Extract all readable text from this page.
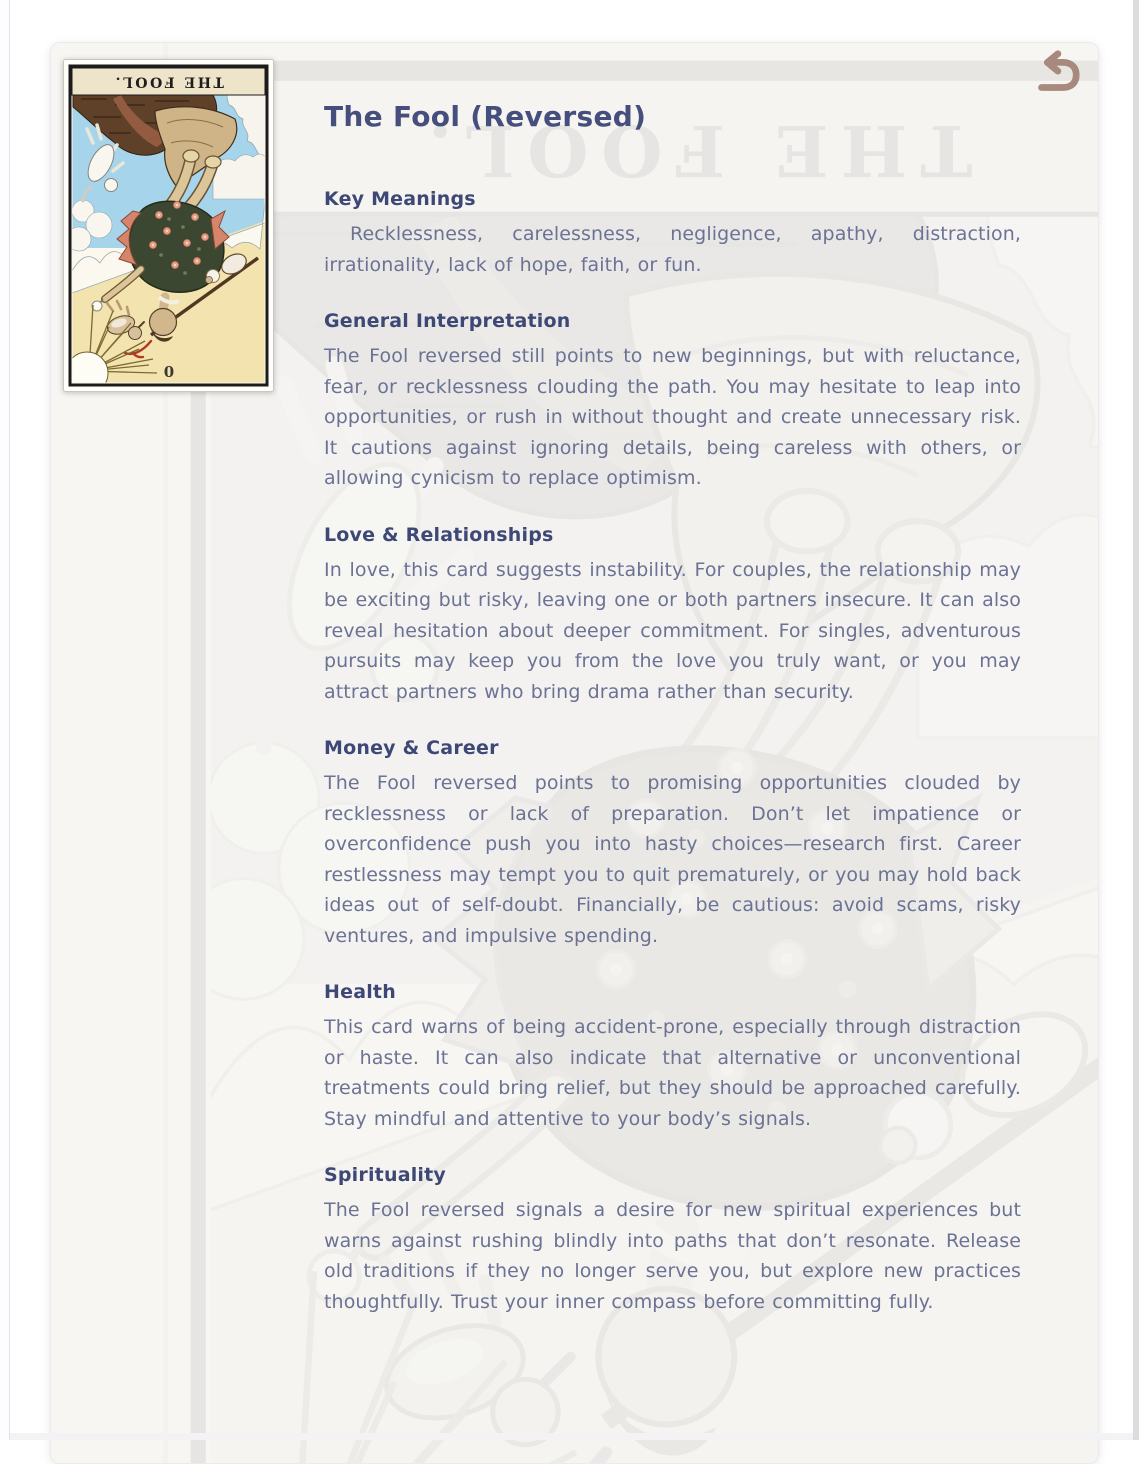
The Fool (Reversed)
Key Meanings

Recklessness, carelessness, negligence, apathy, distraction, irrationality, lack of hope, faith, or fun.

General Interpretation

The Fool reversed still points to new beginnings, but with reluctance, fear, or recklessness clouding the path. You may hesitate to leap into opportunities, or rush in without thought and create unnecessary risk. It cautions against ignoring details, being careless with others, or allowing cynicism to replace optimism.

Love & Relationships

In love, this card suggests instability. For couples, the relationship may be exciting but risky, leaving one or both partners insecure. It can also reveal hesitation about deeper commitment. For singles, adventurous pursuits may keep you from the love you truly want, or you may attract partners who bring drama rather than security.

Money & Career

The Fool reversed points to promising opportunities clouded by recklessness or lack of preparation. Don’t let impatience or overconfidence push you into hasty choices—research first. Career restlessness may tempt you to quit prematurely, or you may hold back ideas out of self-doubt. Financially, be cautious: avoid scams, risky ventures, and impulsive spending.

Health

This card warns of being accident-prone, especially through distraction or haste. It can also indicate that alternative or unconventional treatments could bring relief, but they should be approached carefully. Stay mindful and attentive to your body’s signals.

Spirituality

The Fool reversed signals a desire for new spiritual experiences but warns against rushing blindly into paths that don’t resonate. Release old traditions if they no longer serve you, but explore new practices thoughtfully. Trust your inner compass before committing fully.
